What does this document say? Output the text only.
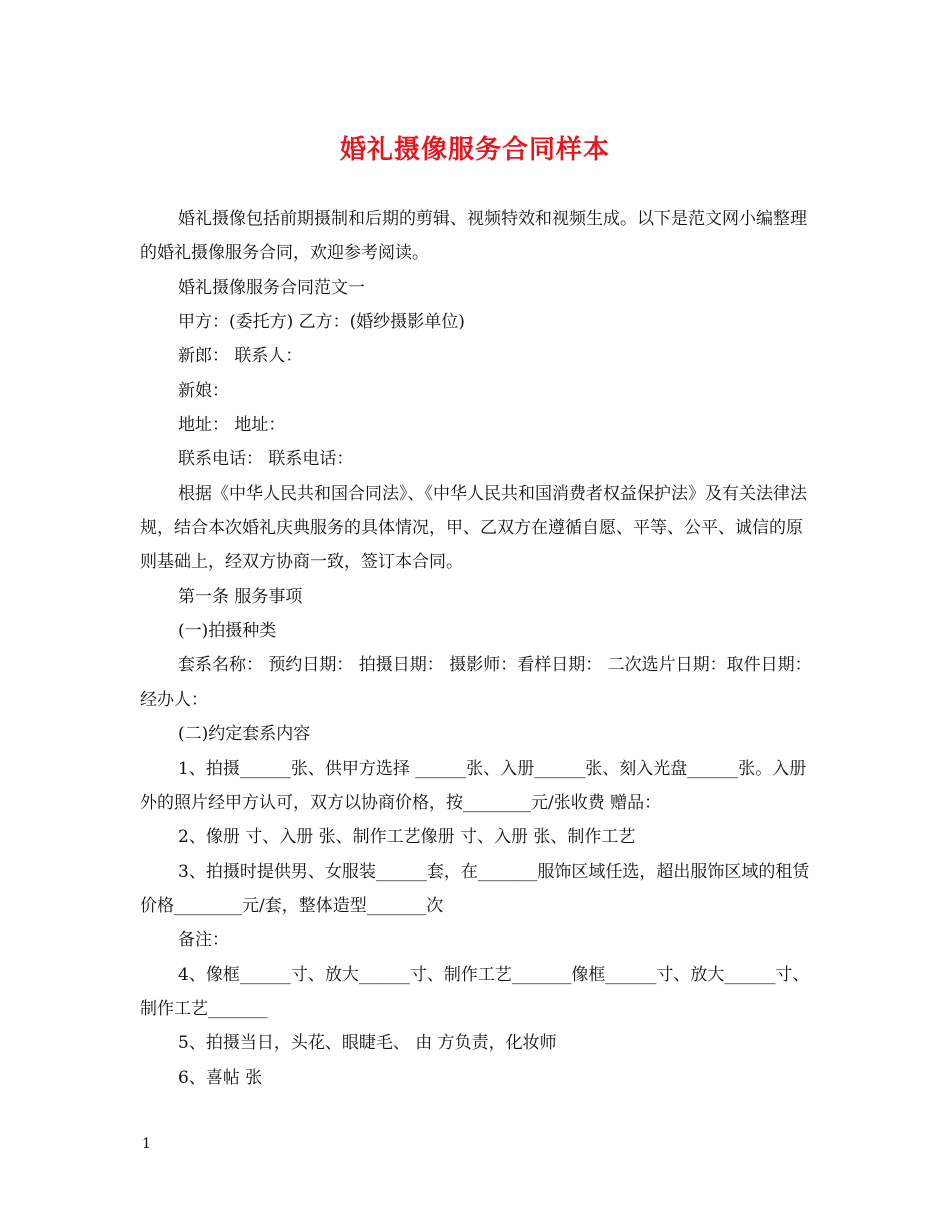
婚礼摄像服务合同样本

婚礼摄像包括前期摄制和后期的剪辑、视频特效和视频生成。以下是范文网小编整理的婚礼摄像服务合同，欢迎参考阅读。

婚礼摄像服务合同范文一

甲方：(委托方) 乙方：(婚纱摄影单位)

新郎： 联系人：

新娘：

地址： 地址：

联系电话： 联系电话：

根据《中华人民共和国合同法》、《中华人民共和国消费者权益保护法》及有关法律法规，结合本次婚礼庆典服务的具体情况，甲、乙双方在遵循自愿、平等、公平、诚信的原则基础上，经双方协商一致，签订本合同。

第一条 服务事项

(一)拍摄种类

套系名称： 预约日期： 拍摄日期： 摄影师：看样日期： 二次选片日期：取件日期： 经办人：

(二)约定套系内容

1、拍摄______张、供甲方选择 ______张、入册______张、刻入光盘______张。入册外的照片经甲方认可，双方以协商价格，按________元/张收费 赠品：

2、像册 寸、入册 张、制作工艺像册 寸、入册 张、制作工艺

3、拍摄时提供男、女服装______套，在_______服饰区域任选，超出服饰区域的租赁价格________元/套，整体造型_______次

备注：

4、像框______寸、放大______寸、制作工艺_______像框______寸、放大______寸、制作工艺_______

5、拍摄当日，头花、眼睫毛、 由 方负责，化妆师

6、喜帖 张

1
